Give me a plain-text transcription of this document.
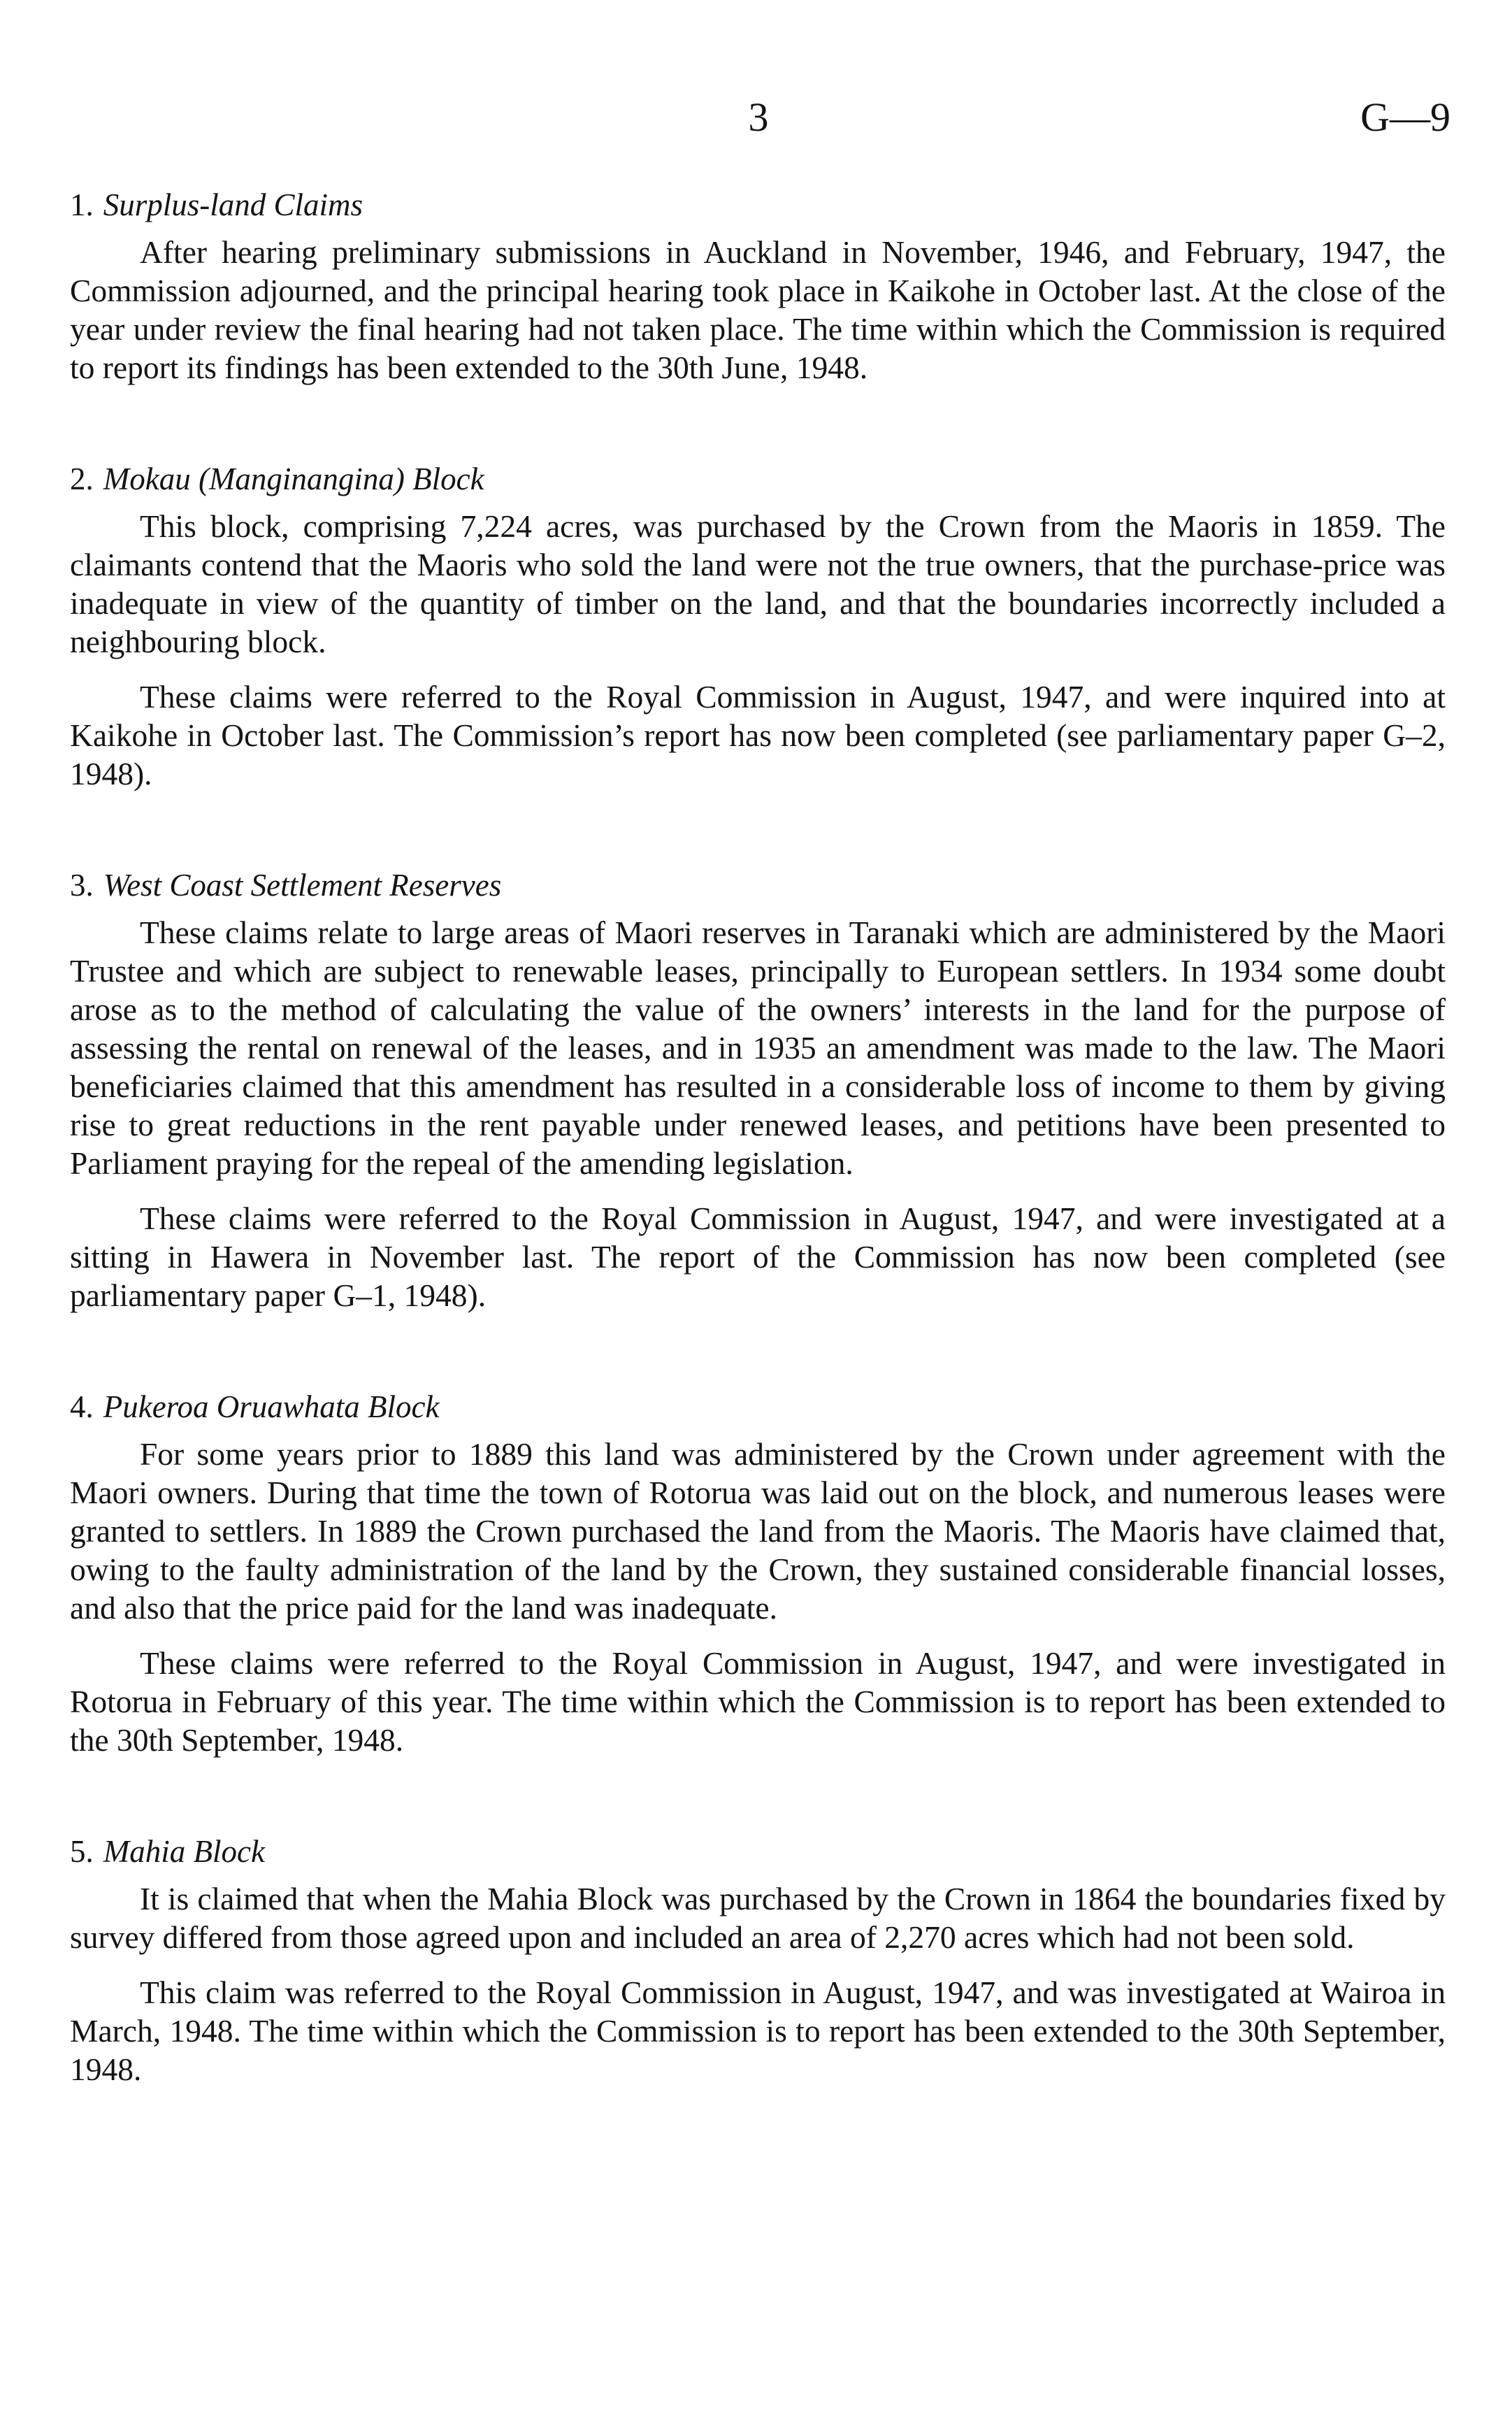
3	G—9
1. Surplus-land Claims

After hearing preliminary submissions in Auckland in November, 1946, and February, 1947, the Commission adjourned, and the principal hearing took place in Kaikohe in October last. At the close of the year under review the final hearing had not taken place. The time within which the Commission is required to report its findings has been extended to the 30th June, 1948.

2. Mokau (Manginangina) Block

This block, comprising 7,224 acres, was purchased by the Crown from the Maoris in 1859. The claimants contend that the Maoris who sold the land were not the true owners, that the purchase-price was inadequate in view of the quantity of timber on the land, and that the boundaries incorrectly included a neighbouring block.

These claims were referred to the Royal Commission in August, 1947, and were inquired into at Kaikohe in October last. The Commission’s report has now been completed (see parliamentary paper G–2, 1948).

3. West Coast Settlement Reserves

These claims relate to large areas of Maori reserves in Taranaki which are administered by the Maori Trustee and which are subject to renewable leases, principally to European settlers. In 1934 some doubt arose as to the method of calculating the value of the owners’ interests in the land for the purpose of assessing the rental on renewal of the leases, and in 1935 an amendment was made to the law. The Maori beneficiaries claimed that this amendment has resulted in a considerable loss of income to them by giving rise to great reductions in the rent payable under renewed leases, and petitions have been presented to Parliament praying for the repeal of the amending legislation.

These claims were referred to the Royal Commission in August, 1947, and were investigated at a sitting in Hawera in November last. The report of the Commission has now been completed (see parliamentary paper G–1, 1948).

4. Pukeroa Oruawhata Block

For some years prior to 1889 this land was administered by the Crown under agreement with the Maori owners. During that time the town of Rotorua was laid out on the block, and numerous leases were granted to settlers. In 1889 the Crown purchased the land from the Maoris. The Maoris have claimed that, owing to the faulty administration of the land by the Crown, they sustained considerable financial losses, and also that the price paid for the land was inadequate.

These claims were referred to the Royal Commission in August, 1947, and were investigated in Rotorua in February of this year. The time within which the Commission is to report has been extended to the 30th September, 1948.

5. Mahia Block

It is claimed that when the Mahia Block was purchased by the Crown in 1864 the boundaries fixed by survey differed from those agreed upon and included an area of 2,270 acres which had not been sold.

This claim was referred to the Royal Commission in August, 1947, and was investigated at Wairoa in March, 1948. The time within which the Commission is to report has been extended to the 30th September, 1948.
